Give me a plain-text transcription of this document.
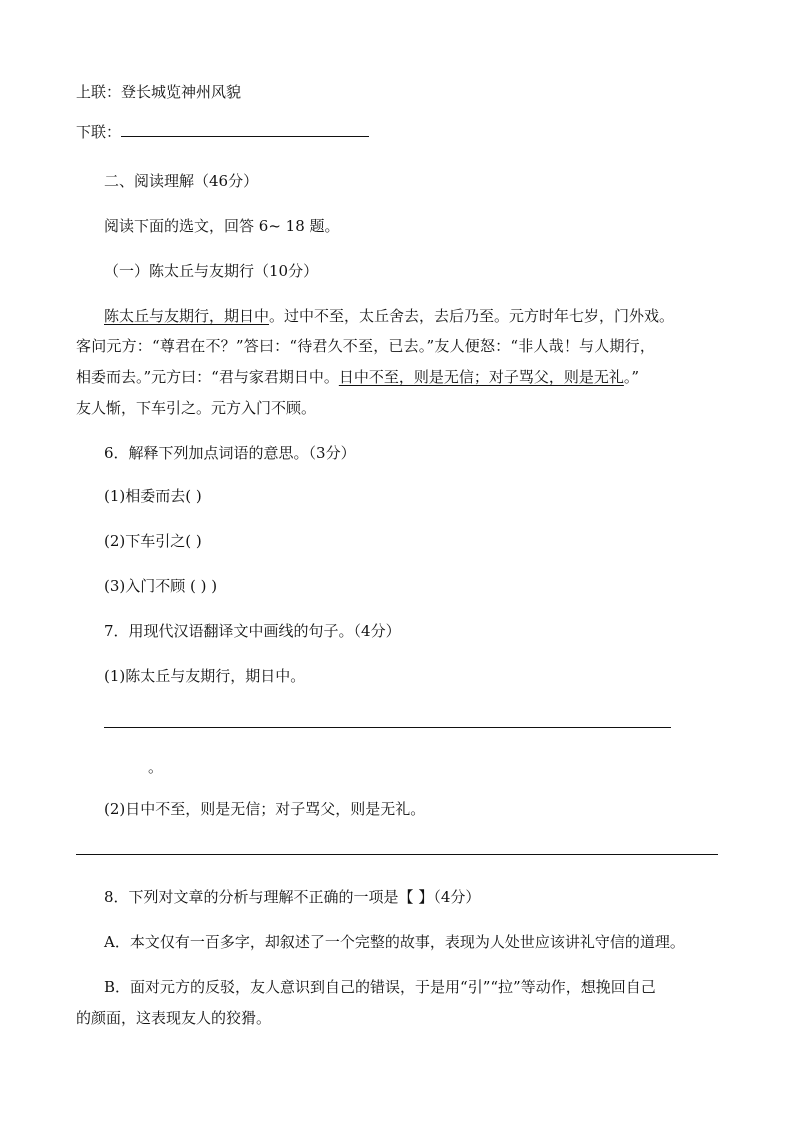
上联：登长城览神州风貌
下联：
二、阅读理解（46分）
阅读下面的选文，回答 6~ 18 题。
（一）陈太丘与友期行（10分）
陈太丘与友期行，期日中。过中不至，太丘舍去，去后乃至。元方时年七岁，门外戏。
客问元方：“尊君在不？”答曰：“待君久不至，已去。”友人便怒：“非人哉！与人期行，
相委而去。”元方曰：“君与家君期日中。日中不至，则是无信；对子骂父，则是无礼。”
友人惭，下车引之。元方入门不顾。
6．解释下列加点词语的意思。（3分）
(1)相委而去( )
(2)下车引之( )
(3)入门不顾 ( ) )
7．用现代汉语翻译文中画线的句子。（4分）
(1)陈太丘与友期行，期日中。
。
(2)日中不至，则是无信；对子骂父，则是无礼。
8．下列对文章的分析与理解不正确的一项是【 】（4分）
A．本文仅有一百多字，却叙述了一个完整的故事，表现为人处世应该讲礼守信的道理。
B．面对元方的反驳，友人意识到自己的错误，于是用“引”“拉”等动作，想挽回自己
的颜面，这表现友人的狡猾。
